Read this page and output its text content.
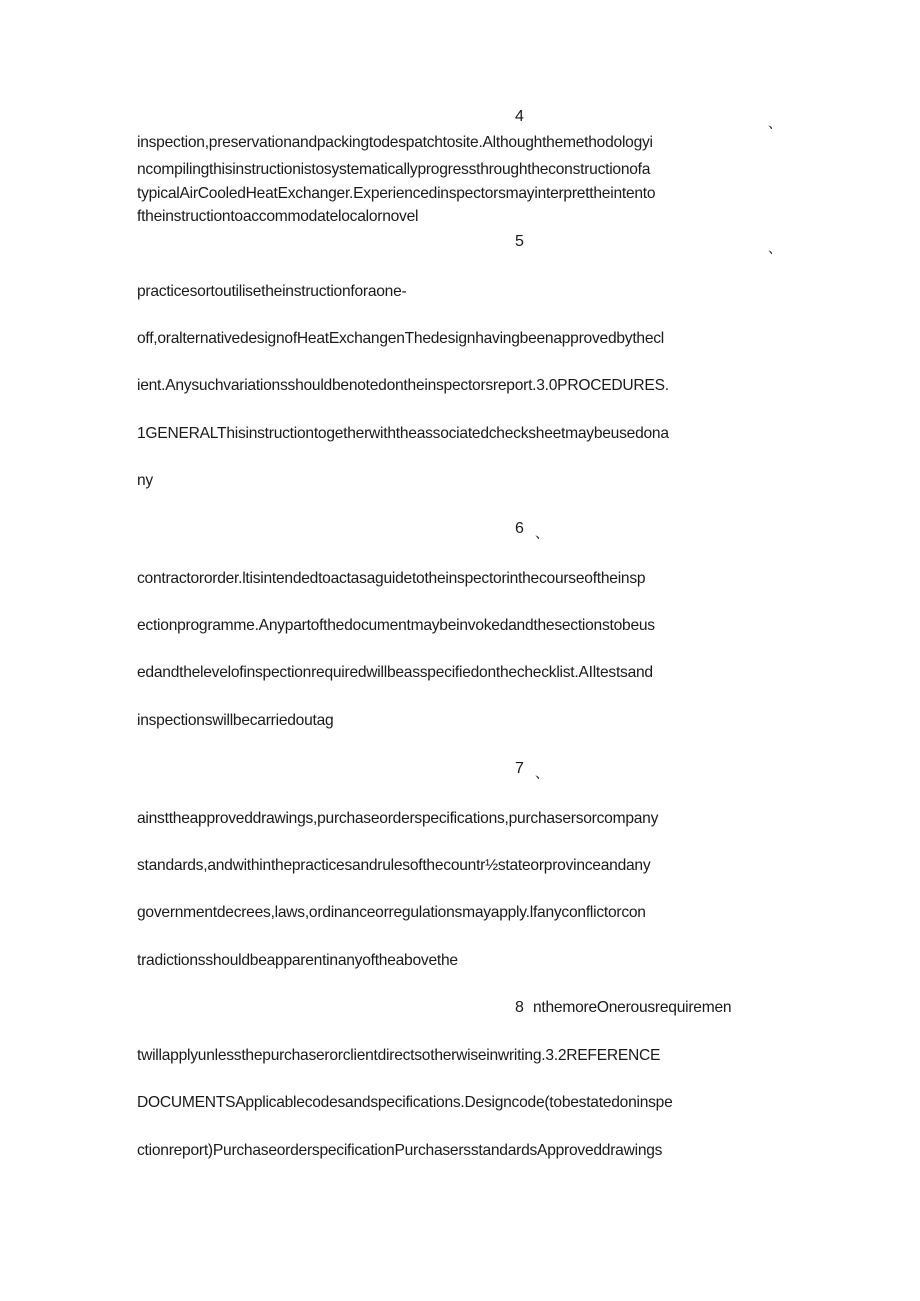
4	、
inspection,preservationandpackingtodespatchtosite.Althoughthemethodologyi
ncompilingthisinstructionistosystematicallyprogressthroughtheconstructionofa
typicalAirCooledHeatExchanger.Experiencedinspectorsmayinterprettheintento
ftheinstructiontoaccommodatelocalornovel
5	、
practicesortoutilisetheinstructionforaone-
off,oralternativedesignofHeatExchangenThedesignhavingbeenapprovedbythecl
ient.Anysuchvariationsshouldbenotedontheinspectorsreport.3.0PROCEDURES.
1GENERALThisinstructiontogetherwiththeassociatedchecksheetmaybeusedona
ny
6 、
contractororder.ltisintendedtoactasaguidetotheinspectorinthecourseoftheinsp
ectionprogramme.Anypartofthedocumentmaybeinvokedandthesectionstobeus
edandthelevelofinspectionrequiredwillbeasspecifiedonthechecklist.AIltestsand
inspectionswillbecarriedoutag
7 、
ainsttheapproveddrawings,purchaseorderspecifications,purchasersorcompany
standards,andwithinthepracticesandrulesofthecountr½stateorprovinceandany
governmentdecrees,laws,ordinanceorregulationsmayapply.lfanyconflictorcon
tradictionsshouldbeapparentinanyoftheabovethe
8 nthemoreOnerousrequiremen
twillapplyunlessthepurchaserorclientdirectsotherwiseinwriting.3.2REFERENCE
DOCUMENTSApplicablecodesandspecifications.Designcode(tobestatedoninspe
ctionreport)PurchaseorderspecificationPurchasersstandardsApproveddrawings
